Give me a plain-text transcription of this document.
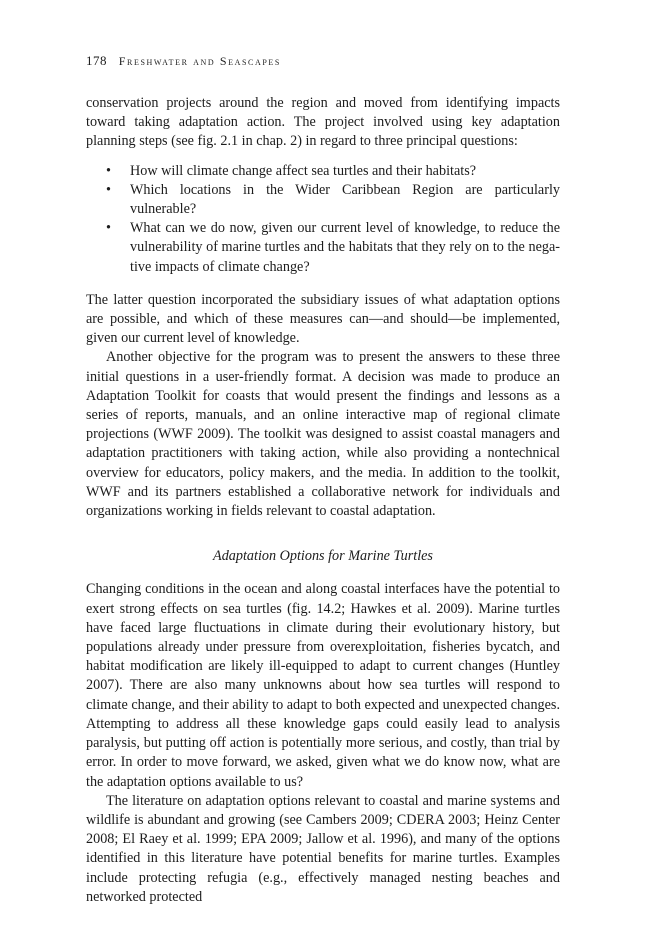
178 Freshwater and Seascapes

conservation projects around the region and moved from identifying impacts toward taking adaptation action. The project involved using key adaptation planning steps (see fig. 2.1 in chap. 2) in regard to three principal questions:

• How will climate change affect sea turtles and their habitats?
• Which locations in the Wider Caribbean Region are particularly vulnerable?
• What can we do now, given our current level of knowledge, to reduce the vulnerability of marine turtles and the habitats that they rely on to the negative impacts of climate change?

The latter question incorporated the subsidiary issues of what adaptation options are possible, and which of these measures can—and should—be implemented, given our current level of knowledge.

Another objective for the program was to present the answers to these three initial questions in a user-friendly format. A decision was made to produce an Adaptation Toolkit for coasts that would present the findings and lessons as a series of reports, manuals, and an online interactive map of regional climate projections (WWF 2009). The toolkit was designed to assist coastal managers and adaptation practitioners with taking action, while also providing a nontechnical overview for educators, policy makers, and the media. In addition to the toolkit, WWF and its partners established a collaborative network for individuals and organizations working in fields relevant to coastal adaptation.

Adaptation Options for Marine Turtles

Changing conditions in the ocean and along coastal interfaces have the potential to exert strong effects on sea turtles (fig. 14.2; Hawkes et al. 2009). Marine turtles have faced large fluctuations in climate during their evolutionary history, but populations already under pressure from overexploitation, fisheries bycatch, and habitat modification are likely ill-equipped to adapt to current changes (Huntley 2007). There are also many unknowns about how sea turtles will respond to climate change, and their ability to adapt to both expected and unexpected changes. Attempting to address all these knowledge gaps could easily lead to analysis paralysis, but putting off action is potentially more serious, and costly, than trial by error. In order to move forward, we asked, given what we do know now, what are the adaptation options available to us?

The literature on adaptation options relevant to coastal and marine systems and wildlife is abundant and growing (see Cambers 2009; CDERA 2003; Heinz Center 2008; El Raey et al. 1999; EPA 2009; Jallow et al. 1996), and many of the options identified in this literature have potential benefits for marine turtles. Examples include protecting refugia (e.g., effectively managed nesting beaches and networked protected
